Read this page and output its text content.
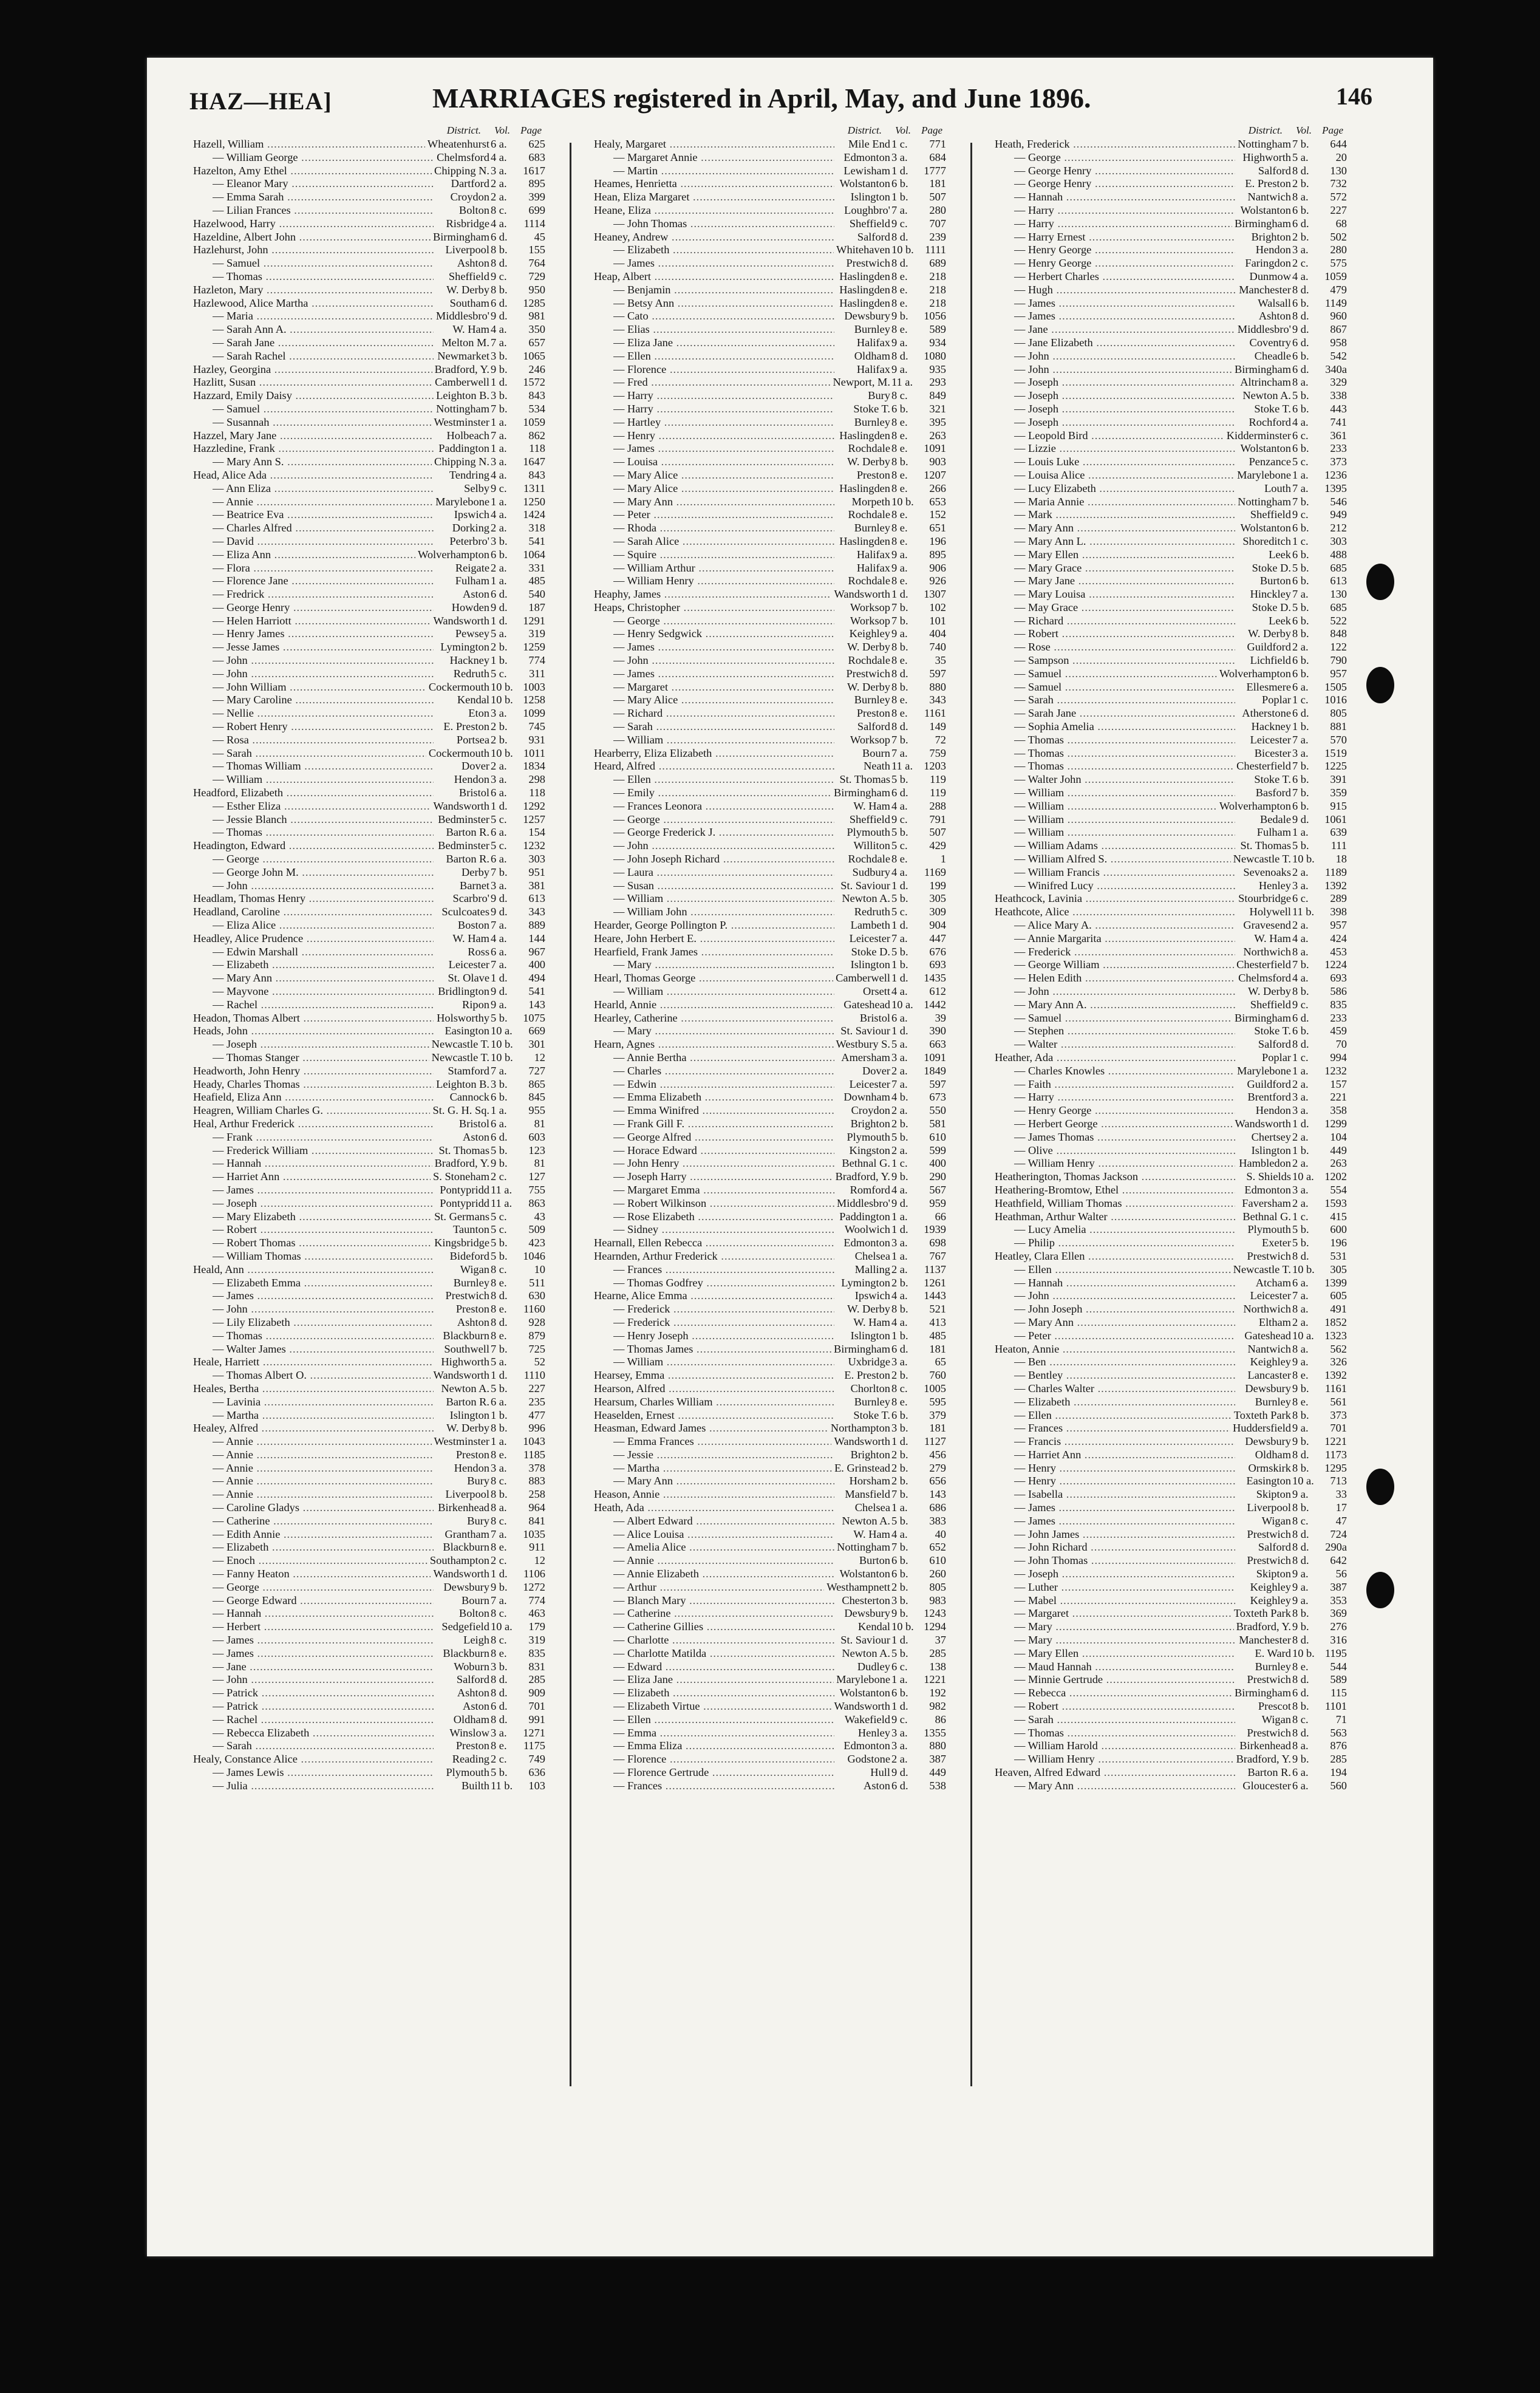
HAZ—HEA]	MARRIAGES registered in April, May, and June 1896.	146
District. Vol. Page	District. Vol. Page	District. Vol. Page
Hazell, William .....	Wheatenhurst 6 a.	625
— William George .....	Chelmsford 4 a.	683
Hazelton, Amy Ethel .....	Chipping N. 3 a.	1617
— Eleanor Mary .....	Dartford 2 a.	895
— Emma Sarah .....	Croydon 2 a.	399
— Lilian Frances .....	Bolton 8 c.	699
Hazelwood, Harry .....	Risbridge 4 a.	1114
Hazeldine, Albert John .....	Birmingham 6 d.	45
Hazlehurst, John .....	Liverpool 8 b.	155
— Samuel .....	Ashton 8 d.	764
— Thomas .....	Sheffield 9 c.	729
Hazleton, Mary .....	W. Derby 8 b.	950
Hazlewood, Alice Martha .....	Southam 6 d.	1285
— Maria .....	Middlesbro' 9 d.	981
— Sarah Ann A. .....	W. Ham 4 a.	350
— Sarah Jane .....	Melton M. 7 a.	657
— Sarah Rachel .....	Newmarket 3 b.	1065
Hazley, Georgina .....	Bradford, Y. 9 b.	246
Hazlitt, Susan .....	Camberwell 1 d.	1572
Hazzard, Emily Daisy .....	Leighton B. 3 b.	843
— Samuel .....	Nottingham 7 b.	534
— Susannah .....	Westminster 1 a.	1059
Hazzel, Mary Jane .....	Holbeach 7 a.	862
Hazzledine, Frank .....	Paddington 1 a.	118
— Mary Ann S. .....	Chipping N. 3 a.	1647
Head, Alice Ada .....	Tendring 4 a.	843
— Ann Eliza .....	Selby 9 c.	1311
— Annie .....	Marylebone 1 a.	1250
— Beatrice Eva .....	Ipswich 4 a.	1424
— Charles Alfred .....	Dorking 2 a.	318
— David .....	Peterbro' 3 b.	541
— Eliza Ann .....	Wolverhampton 6 b.	1064
— Flora .....	Reigate 2 a.	331
— Florence Jane .....	Fulham 1 a.	485
— Fredrick .....	Aston 6 d.	540
— George Henry .....	Howden 9 d.	187
— Helen Harriott .....	Wandsworth 1 d.	1291
— Henry James .....	Pewsey 5 a.	319
— Jesse James .....	Lymington 2 b.	1259
— John .....	Hackney 1 b.	774
— John .....	Redruth 5 c.	311
— John William .....	Cockermouth 10 b. 1003
— Mary Caroline .....	Kendal 10 b. 1258
— Nellie .....	Eton 3 a.	1099
— Robert Henry .....	E. Preston 2 b.	745
— Rosa .....	Portsea 2 b.	931
— Sarah .....	Cockermouth 10 b. 1011
— Thomas William .....	Dover 2 a.	1834
— William .....	Hendon 3 a.	298
Headford, Elizabeth .....	Bristol 6 a.	118
— Esther Eliza .....	Wandsworth 1 d.	1292
— Jessie Blanch .....	Bedminster 5 c.	1257
— Thomas .....	Barton R. 6 a.	154
Headington, Edward .....	Bedminster 5 c.	1232
— George .....	Barton R. 6 a.	303
— George John M. .....	Derby 7 b.	951
— John .....	Barnet 3 a.	381
Headlam, Thomas Henry .....	Scarbro' 9 d.	613
Headland, Caroline .....	Sculcoates 9 d.	343
— Eliza Alice .....	Boston 7 a.	889
Headley, Alice Prudence .....	W. Ham 4 a.	144
— Edwin Marshall .....	Ross 6 a.	967
— Elizabeth .....	Leicester 7 a.	400
— Mary Ann .....	St. Olave 1 d.	494
— Mayvone .....	Bridlington 9 d.	541
— Rachel .....	Ripon 9 a.	143
Headon, Thomas Albert .....	Holsworthy 5 b.	1075
Heads, John .....	Easington 10 a.	669
— Joseph .....	Newcastle T. 10 b.	301
— Thomas Stanger .....	Newcastle T. 10 b.	12
Headworth, John Henry .....	Stamford 7 a.	727
Heady, Charles Thomas .....	Leighton B. 3 b.	865
Heafield, Eliza Ann .....	Cannock 6 b.	845
Heagren, William Charles G. .....	St. G. H. Sq. 1 a.	955
Heal, Arthur Frederick .....	Bristol 6 a.	81
— Frank .....	Aston 6 d.	603
— Frederick William .....	St. Thomas 5 b.	123
— Hannah .....	Bradford, Y. 9 b.	81
— Harriet Ann .....	S. Stoneham 2 c.	127
— James .....	Pontypridd 11 a.	755
— Joseph .....	Pontypridd 11 a.	863
— Mary Elizabeth .....	St. Germans 5 c.	43
— Robert .....	Taunton 5 c.	509
— Robert Thomas .....	Kingsbridge 5 b.	423
— William Thomas .....	Bideford 5 b.	1046
Heald, Ann .....	Wigan 8 c.	10
— Elizabeth Emma .....	Burnley 8 e.	511
— James .....	Prestwich 8 d.	630
— John .....	Preston 8 e.	1160
— Lily Elizabeth .....	Ashton 8 d.	928
— Thomas .....	Blackburn 8 e.	879
— Walter James .....	Southwell 7 b.	725
Heale, Harriett .....	Highworth 5 a.	52
— Thomas Albert O. .....	Wandsworth 1 d.	1110
Heales, Bertha .....	Newton A. 5 b.	227
— Lavinia .....	Barton R. 6 a.	235
— Martha .....	Islington 1 b.	477
Healey, Alfred .....	W. Derby 8 b.	996
— Annie .....	Westminster 1 a.	1043
— Annie .....	Preston 8 e.	1185
— Annie .....	Hendon 3 a.	378
— Annie .....	Bury 8 c.	883
— Annie .....	Liverpool 8 b.	258
— Caroline Gladys .....	Birkenhead 8 a.	964
— Catherine .....	Bury 8 c.	841
— Edith Annie .....	Grantham 7 a.	1035
— Elizabeth .....	Blackburn 8 e.	911
— Enoch .....	Southampton 2 c.	12
— Fanny Heaton .....	Wandsworth 1 d.	1106
— George .....	Dewsbury 9 b.	1272
— George Edward .....	Bourn 7 a.	774
— Hannah .....	Bolton 8 c.	463
— Herbert .....	Sedgefield 10 a.	179
— James .....	Leigh 8 c.	319
— James .....	Blackburn 8 e.	835
— Jane .....	Woburn 3 b.	831
— John .....	Salford 8 d.	285
— Patrick .....	Ashton 8 d.	909
— Patrick .....	Aston 6 d.	701
— Rachel .....	Oldham 8 d.	991
— Rebecca Elizabeth .....	Winslow 3 a.	1271
— Sarah .....	Preston 8 e.	1175
Healy, Constance Alice .....	Reading 2 c.	749
— James Lewis .....	Plymouth 5 b.	636
— Julia .....	Builth 11 b.	103
Healy, Margaret .....	Mile End 1 c.	771
— Margaret Annie .....	Edmonton 3 a.	684
— Martin .....	Lewisham 1 d.	1777
Heames, Henrietta .....	Wolstanton 6 b.	181
Hean, Eliza Margaret .....	Islington 1 b.	507
Heane, Eliza .....	Loughbro' 7 a.	280
— John Thomas .....	Sheffield 9 c.	707
Heaney, Andrew .....	Salford 8 d.	239
— Elizabeth .....	Whitehaven 10 b.	1111
— James .....	Prestwich 8 d.	689
Heap, Albert .....	Haslingden 8 e.	218
— Benjamin .....	Haslingden 8 e.	218
— Betsy Ann .....	Haslingden 8 e.	218
— Cato .....	Dewsbury 9 b.	1056
— Elias .....	Burnley 8 e.	589
— Eliza Jane .....	Halifax 9 a.	934
— Ellen .....	Oldham 8 d.	1080
— Florence .....	Halifax 9 a.	935
— Fred .....	Newport, M. 11 a.	293
— Harry .....	Bury 8 c.	849
— Harry .....	Stoke T. 6 b.	321
— Hartley .....	Burnley 8 e.	395
— Henry .....	Haslingden 8 e.	263
— James .....	Rochdale 8 e.	1091
— Louisa .....	W. Derby 8 b.	903
— Mary Alice .....	Preston 8 e.	1207
— Mary Alice .....	Haslingden 8 e.	266
— Mary Ann .....	Morpeth 10 b.	653
— Peter .....	Rochdale 8 e.	152
— Rhoda .....	Burnley 8 e.	651
— Sarah Alice .....	Haslingden 8 e.	196
— Squire .....	Halifax 9 a.	895
— William Arthur .....	Halifax 9 a.	906
— William Henry .....	Rochdale 8 e.	926
Heaphy, James .....	Wandsworth 1 d.	1307
Heaps, Christopher .....	Worksop 7 b.	102
— George .....	Worksop 7 b.	101
— Henry Sedgwick .....	Keighley 9 a.	404
— James .....	W. Derby 8 b.	740
— John .....	Rochdale 8 e.	35
— James .....	Prestwich 8 d.	597
— Margaret .....	W. Derby 8 b.	880
— Mary Alice .....	Burnley 8 e.	343
— Richard .....	Preston 8 e.	1161
— Sarah .....	Salford 8 d.	149
— William .....	Worksop 7 b.	72
Hearberry, Eliza Elizabeth .....	Bourn 7 a.	759
Heard, Alfred .....	Neath 11 a. 1203
— Ellen .....	St. Thomas 5 b.	119
— Emily .....	Birmingham 6 d.	119
— Frances Leonora .....	W. Ham 4 a.	288
— George .....	Sheffield 9 c.	791
— George Frederick J. .....	Plymouth 5 b.	507
— John .....	Williton 5 c.	429
— John Joseph Richard .....	Rochdale 8 e.	1
— Laura .....	Sudbury 4 a.	1169
— Susan .....	St. Saviour 1 d.	199
— William .....	Newton A. 5 b.	305
— William John .....	Redruth 5 c.	309
Hearder, George Pollington P. .....	Lambeth 1 d.	904
Heare, John Herbert E. .....	Leicester 7 a.	447
Hearfield, Frank James .....	Stoke D. 5 b.	676
— Mary .....	Islington 1 b.	693
Hearl, Thomas George .....	Camberwell 1 d.	1435
— William .....	Orsett 4 a.	612
Hearld, Annie .....	Gateshead 10 a. 1442
Hearley, Catherine .....	Bristol 6 a.	39
— Mary .....	St. Saviour 1 d.	390
Hearn, Agnes .....	Westbury S. 5 a.	663
— Annie Bertha .....	Amersham 3 a.	1091
— Charles .....	Dover 2 a.	1849
— Edwin .....	Leicester 7 a.	597
— Emma Elizabeth .....	Downham 4 b.	673
— Emma Winifred .....	Croydon 2 a.	550
— Frank Gill F. .....	Brighton 2 b.	581
— George Alfred .....	Plymouth 5 b.	610
— Horace Edward .....	Kingston 2 a.	599
— John Henry .....	Bethnal G. 1 c.	400
— Joseph Harry .....	Bradford, Y. 9 b.	290
— Margaret Emma .....	Romford 4 a.	567
— Robert Wilkinson .....	Middlesbro' 9 d.	959
— Rose Elizabeth .....	Paddington 1 a.	66
— Sidney .....	Woolwich 1 d.	1939
Hearnall, Ellen Rebecca .....	Edmonton 3 a.	698
Hearnden, Arthur Frederick .....	Chelsea 1 a.	767
— Frances .....	Malling 2 a.	1137
— Thomas Godfrey .....	Lymington 2 b.	1261
Hearne, Alice Emma .....	Ipswich 4 a.	1443
— Frederick .....	W. Derby 8 b.	521
— Frederick .....	W. Ham 4 a.	413
— Henry Joseph .....	Islington 1 b.	485
— Thomas James .....	Birmingham 6 d.	181
— William .....	Uxbridge 3 a.	65
Hearsey, Emma .....	E. Preston 2 b.	760
Hearson, Alfred .....	Chorlton 8 c.	1005
Hearsum, Charles William .....	Burnley 8 e.	595
Heaselden, Ernest .....	Stoke T. 6 b.	379
Heasman, Edward James .....	Northampton 3 b.	181
— Emma Frances .....	Wandsworth 1 d.	1127
— Jessie .....	Brighton 2 b.	456
— Martha .....	E. Grinstead 2 b.	279
— Mary Ann .....	Horsham 2 b.	656
Heason, Annie .....	Mansfield 7 b.	143
Heath, Ada .....	Chelsea 1 a.	686
— Albert Edward .....	Newton A. 5 b.	383
— Alice Louisa .....	W. Ham 4 a.	40
— Amelia Alice .....	Nottingham 7 b.	652
— Annie .....	Burton 6 b.	610
— Annie Elizabeth .....	Wolstanton 6 b.	260
— Arthur .....	Westhampnett 2 b.	805
— Blanch Mary .....	Chesterton 3 b.	983
— Catherine .....	Dewsbury 9 b.	1243
— Catherine Gillies .....	Kendal 10 b. 1294
— Charlotte .....	St. Saviour 1 d.	37
— Charlotte Matilda .....	Newton A. 5 b.	285
— Edward .....	Dudley 6 c.	138
— Eliza Jane .....	Marylebone 1 a.	1221
— Elizabeth .....	Wolstanton 6 b.	192
— Elizabeth Virtue .....	Wandsworth 1 d.	982
— Ellen .....	Wakefield 9 c.	86
— Emma .....	Henley 3 a.	1355
— Emma Eliza .....	Edmonton 3 a.	880
— Florence .....	Godstone 2 a.	387
— Florence Gertrude .....	Hull 9 d.	449
— Frances .....	Aston 6 d.	538
Heath, Frederick .....	Nottingham 7 b.	644
— George .....	Highworth 5 a.	20
— George Henry .....	Salford 8 d.	130
— George Henry .....	E. Preston 2 b.	732
— Hannah .....	Nantwich 8 a.	572
— Harry .....	Wolstanton 6 b.	227
— Harry .....	Birmingham 6 d.	68
— Harry Ernest .....	Brighton 2 b.	502
— Henry George .....	Hendon 3 a.	280
— Henry George .....	Faringdon 2 c.	575
— Herbert Charles .....	Dunmow 4 a.	1059
— Hugh .....	Manchester 8 d.	479
— James .....	Walsall 6 b.	1149
— James .....	Ashton 8 d.	960
— Jane .....	Middlesbro' 9 d.	867
— Jane Elizabeth .....	Coventry 6 d.	958
— John .....	Cheadle 6 b.	542
— John .....	Birmingham 6 d.	340a
— Joseph .....	Altrincham 8 a.	329
— Joseph .....	Newton A. 5 b.	338
— Joseph .....	Stoke T. 6 b.	443
— Joseph .....	Rochford 4 a.	741
— Leopold Bird .....	Kidderminster 6 c.	361
— Lizzie .....	Wolstanton 6 b.	233
— Louis Luke .....	Penzance 5 c.	373
— Louisa Alice .....	Marylebone 1 a.	1236
— Lucy Elizabeth .....	Louth 7 a.	1395
— Maria Annie .....	Nottingham 7 b.	546
— Mark .....	Sheffield 9 c.	949
— Mary Ann .....	Wolstanton 6 b.	212
— Mary Ann L. .....	Shoreditch 1 c.	303
— Mary Ellen .....	Leek 6 b.	488
— Mary Grace .....	Stoke D. 5 b.	685
— Mary Jane .....	Burton 6 b.	613
— Mary Louisa .....	Hinckley 7 a.	130
— May Grace .....	Stoke D. 5 b.	685
— Richard .....	Leek 6 b.	522
— Robert .....	W. Derby 8 b.	848
— Rose .....	Guildford 2 a.	122
— Sampson .....	Lichfield 6 b.	790
— Samuel .....	Wolverhampton 6 b.	957
— Samuel .....	Ellesmere 6 a.	1505
— Sarah .....	Poplar 1 c.	1016
— Sarah Jane .....	Atherstone 6 d.	805
— Sophia Amelia .....	Hackney 1 b.	881
— Thomas .....	Leicester 7 a.	570
— Thomas .....	Bicester 3 a.	1519
— Thomas .....	Chesterfield 7 b.	1225
— Walter John .....	Stoke T. 6 b.	391
— William .....	Basford 7 b.	359
— William .....	Wolverhampton 6 b.	915
— William .....	Bedale 9 d.	1061
— William .....	Fulham 1 a.	639
— William Adams .....	St. Thomas 5 b.	111
— William Alfred S. .....	Newcastle T. 10 b.	18
— William Francis .....	Sevenoaks 2 a.	1189
— Winifred Lucy .....	Henley 3 a.	1392
Heathcock, Lavinia .....	Stourbridge 6 c.	289
Heathcote, Alice .....	Holywell 11 b.	398
— Alice Mary A. .....	Gravesend 2 a.	957
— Annie Margarita .....	W. Ham 4 a.	424
— Frederick .....	Northwich 8 a.	453
— George William .....	Chesterfield 7 b.	1224
— Helen Edith .....	Chelmsford 4 a.	693
— John .....	W. Derby 8 b.	586
— Mary Ann A. .....	Sheffield 9 c.	835
— Samuel .....	Birmingham 6 d.	233
— Stephen .....	Stoke T. 6 b.	459
— Walter .....	Salford 8 d.	70
Heather, Ada .....	Poplar 1 c.	994
— Charles Knowles .....	Marylebone 1 a.	1232
— Faith .....	Guildford 2 a.	157
— Harry .....	Brentford 3 a.	221
— Henry George .....	Hendon 3 a.	358
— Herbert George .....	Wandsworth 1 d.	1299
— James Thomas .....	Chertsey 2 a.	104
— Olive .....	Islington 1 b.	449
— William Henry .....	Hambledon 2 a.	263
Heatherington, Thomas Jackson .....	S. Shields 10 a. 1202
Heathering-Bromtow, Ethel .....	Edmonton 3 a.	554
Heathfield, William Thomas .....	Faversham 2 a.	1593
Heathman, Arthur Walter .....	Bethnal G. 1 c.	415
— Lucy Amelia .....	Plymouth 5 b.	600
— Philip .....	Exeter 5 b.	196
Heatley, Clara Ellen .....	Prestwich 8 d.	531
— Ellen .....	Newcastle T. 10 b.	305
— Hannah .....	Atcham 6 a.	1399
— John .....	Leicester 7 a.	605
— John Joseph .....	Northwich 8 a.	491
— Mary Ann .....	Eltham 2 a.	1852
— Peter .....	Gateshead 10 a. 1323
Heaton, Annie .....	Nantwich 8 a.	562
— Ben .....	Keighley 9 a.	326
— Bentley .....	Lancaster 8 e.	1392
— Charles Walter .....	Dewsbury 9 b.	1161
— Elizabeth .....	Burnley 8 e.	561
— Ellen .....	Toxteth Park 8 b.	373
— Frances .....	Huddersfield 9 a.	701
— Francis .....	Dewsbury 9 b.	1221
— Harriet Ann .....	Oldham 8 d.	1173
— Henry .....	Ormskirk 8 b.	1295
— Henry .....	Easington 10 a.	713
— Isabella .....	Skipton 9 a.	33
— James .....	Liverpool 8 b.	17
— James .....	Wigan 8 c.	47
— John James .....	Prestwich 8 d.	724
— John Richard .....	Salford 8 d.	290a
— John Thomas .....	Prestwich 8 d.	642
— Joseph .....	Skipton 9 a.	56
— Luther .....	Keighley 9 a.	387
— Mabel .....	Keighley 9 a.	353
— Margaret .....	Toxteth Park 8 b.	369
— Mary .....	Bradford, Y. 9 b.	276
— Mary .....	Manchester 8 d.	316
— Mary Ellen .....	E. Ward 10 b. 1195
— Maud Hannah .....	Burnley 8 e.	544
— Minnie Gertrude .....	Prestwich 8 d.	589
— Rebecca .....	Birmingham 6 d.	115
— Robert .....	Prescot 8 b.	1101
— Sarah .....	Wigan 8 c.	71
— Thomas .....	Prestwich 8 d.	563
— William Harold .....	Birkenhead 8 a.	876
— William Henry .....	Bradford, Y. 9 b.	285
Heaven, Alfred Edward .....	Barton R. 6 a.	194
— Mary Ann .....	Gloucester 6 a.	560
